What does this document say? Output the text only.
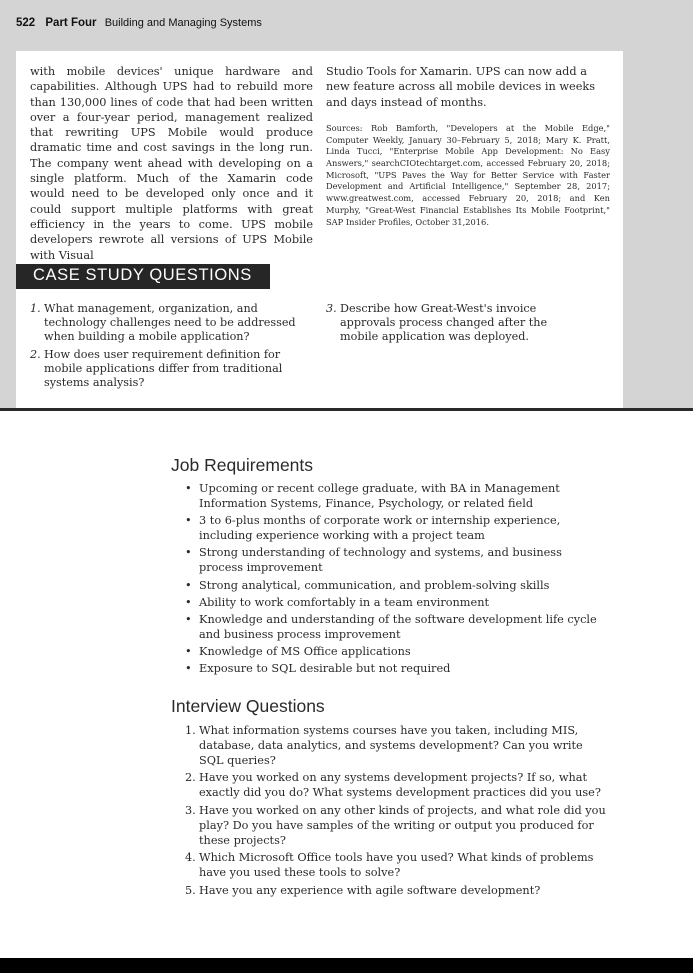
522 Part Four Building and Managing Systems

with mobile devices' unique hardware and capabilities. Although UPS had to rebuild more than 130,000 lines of code that had been written over a four-year period, management realized that rewriting UPS Mobile would produce dramatic time and cost savings in the long run. The company went ahead with developing on a single platform. Much of the Xamarin code would need to be developed only once and it could support multiple platforms with great efficiency in the years to come. UPS mobile developers rewrote all versions of UPS Mobile with Visual

Studio Tools for Xamarin. UPS can now add a new feature across all mobile devices in weeks and days instead of months.

Sources: Rob Bamforth, "Developers at the Mobile Edge," Computer Weekly, January 30–February 5, 2018; Mary K. Pratt, Linda Tucci, "Enterprise Mobile App Development: No Easy Answers," searchCIOtechtarget.com, accessed February 20, 2018; Microsoft, "UPS Paves the Way for Better Service with Faster Development and Artificial Intelligence," September 28, 2017; www.greatwest.com, accessed February 20, 2018; and Ken Murphy, "Great-West Financial Establishes Its Mobile Footprint," SAP Insider Profiles, October 31,2016.

CASE STUDY QUESTIONS
1. What management, organization, and technology challenges need to be addressed when building a mobile application?
2. How does user requirement definition for mobile applications differ from traditional systems analysis?
3. Describe how Great-West's invoice approvals process changed after the mobile application was deployed.
Job Requirements
• Upcoming or recent college graduate, with BA in Management Information Systems, Finance, Psychology, or related field
• 3 to 6-plus months of corporate work or internship experience, including experience working with a project team
• Strong understanding of technology and systems, and business process improvement
• Strong analytical, communication, and problem-solving skills
• Ability to work comfortably in a team environment
• Knowledge and understanding of the software development life cycle and business process improvement
• Knowledge of MS Office applications
• Exposure to SQL desirable but not required
Interview Questions
1. What information systems courses have you taken, including MIS, database, data analytics, and systems development? Can you write SQL queries?
2. Have you worked on any systems development projects? If so, what exactly did you do? What systems development practices did you use?
3. Have you worked on any other kinds of projects, and what role did you play? Do you have samples of the writing or output you produced for these projects?
4. Which Microsoft Office tools have you used? What kinds of problems have you used these tools to solve?
5. Have you any experience with agile software development?
